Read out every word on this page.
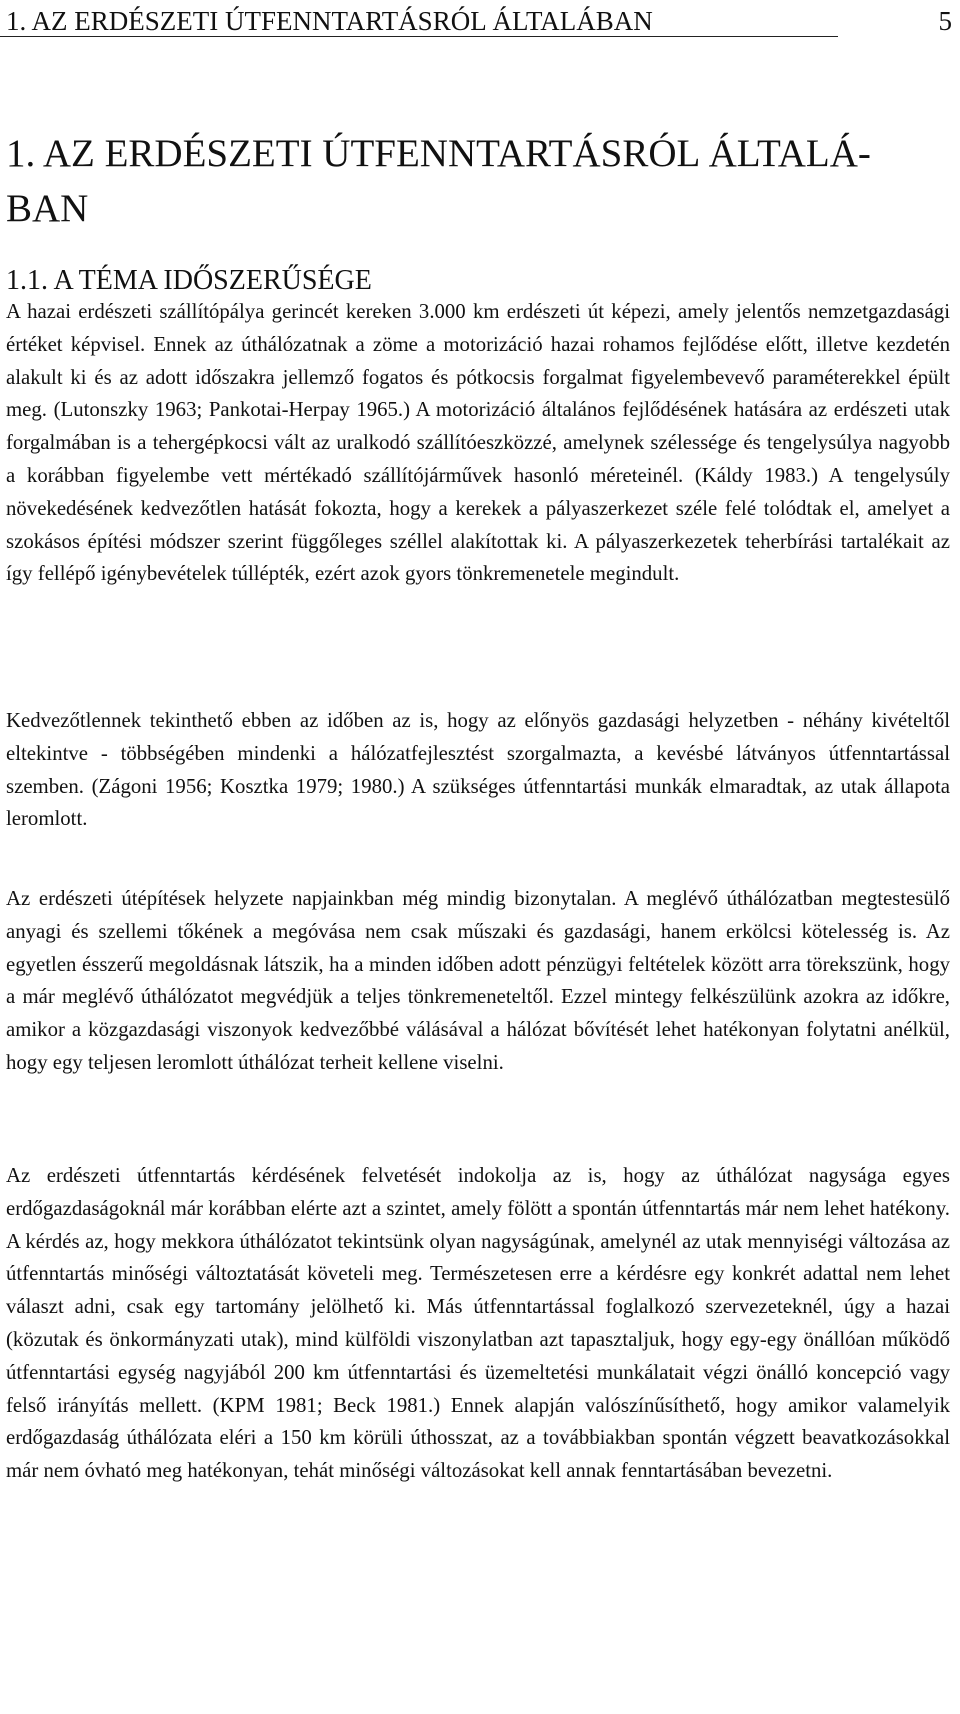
1. AZ ERDÉSZETI ÚTFENNTARTÁSRÓL ÁLTALÁBAN	5
1. AZ ERDÉSZETI ÚTFENNTARTÁSRÓL ÁLTALÁ-BAN
1.1. A TÉMA IDŐSZERŰSÉGE

A hazai erdészeti szállítópálya gerincét kereken 3.000 km erdészeti út képezi, amely jelentős nemzetgazdasági értéket képvisel. Ennek az úthálózatnak a zöme a motorizáció hazai rohamos fejlődése előtt, illetve kezdetén alakult ki és az adott időszakra jellemző fogatos és pótkocsis forgalmat figyelembevevő paraméterekkel épült meg. (Lutonszky 1963; Pankotai-Herpay 1965.) A motorizáció általános fejlődésének hatására az erdészeti utak forgalmában is a tehergépkocsi vált az uralkodó szállítóeszközzé, amelynek szélessége és tengelysúlya nagyobb a korábban figyelembe vett mértékadó szállítójárművek hasonló méreteinél. (Káldy 1983.) A tengelysúly növekedésének kedvezőtlen hatását fokozta, hogy a kerekek a pályaszerkezet széle felé tolódtak el, amelyet a szokásos építési módszer szerint függőleges széllel alakítottak ki. A pályaszerkezetek teherbírási tartalékait az így fellépő igénybevételek túllépték, ezért azok gyors tönkremenetele megindult.

Kedvezőtlennek tekinthető ebben az időben az is, hogy az előnyös gazdasági helyzetben - néhány kivételtől eltekintve - többségében mindenki a hálózatfejlesztést szorgalmazta, a kevésbé látványos útfenntartással szemben. (Zágoni 1956; Kosztka 1979; 1980.) A szükséges útfenntartási munkák elmaradtak, az utak állapota leromlott.

Az erdészeti útépítések helyzete napjainkban még mindig bizonytalan. A meglévő úthálózatban megtestesülő anyagi és szellemi tőkének a megóvása nem csak műszaki és gazdasági, hanem erkölcsi kötelesség is. Az egyetlen ésszerű megoldásnak látszik, ha a minden időben adott pénzügyi feltételek között arra törekszünk, hogy a már meglévő úthálózatot megvédjük a teljes tönkremeneteltől. Ezzel mintegy felkészülünk azokra az időkre, amikor a közgazdasági viszonyok kedvezőbbé válásával a hálózat bővítését lehet hatékonyan folytatni anélkül, hogy egy teljesen leromlott úthálózat terheit kellene viselni.

Az erdészeti útfenntartás kérdésének felvetését indokolja az is, hogy az úthálózat nagysága egyes erdőgazdaságoknál már korábban elérte azt a szintet, amely fölött a spontán útfenntartás már nem lehet hatékony. A kérdés az, hogy mekkora úthálózatot tekintsünk olyan nagyságúnak, amelynél az utak mennyiségi változása az útfenntartás minőségi változtatását követeli meg. Természetesen erre a kérdésre egy konkrét adattal nem lehet választ adni, csak egy tartomány jelölhető ki. Más útfenntartással foglalkozó szervezeteknél, úgy a hazai (közutak és önkormányzati utak), mind külföldi viszonylatban azt tapasztaljuk, hogy egy-egy önállóan működő útfenntartási egység nagyjából 200 km útfenntartási és üzemeltetési munkálatait végzi önálló koncepció vagy felső irányítás mellett. (KPM 1981; Beck 1981.) Ennek alapján valószínűsíthető, hogy amikor valamelyik erdőgazdaság úthálózata eléri a 150 km körüli úthosszat, az a továbbiakban spontán végzett beavatkozásokkal már nem óvható meg hatékonyan, tehát minőségi változásokat kell annak fenntartásában bevezetni.
